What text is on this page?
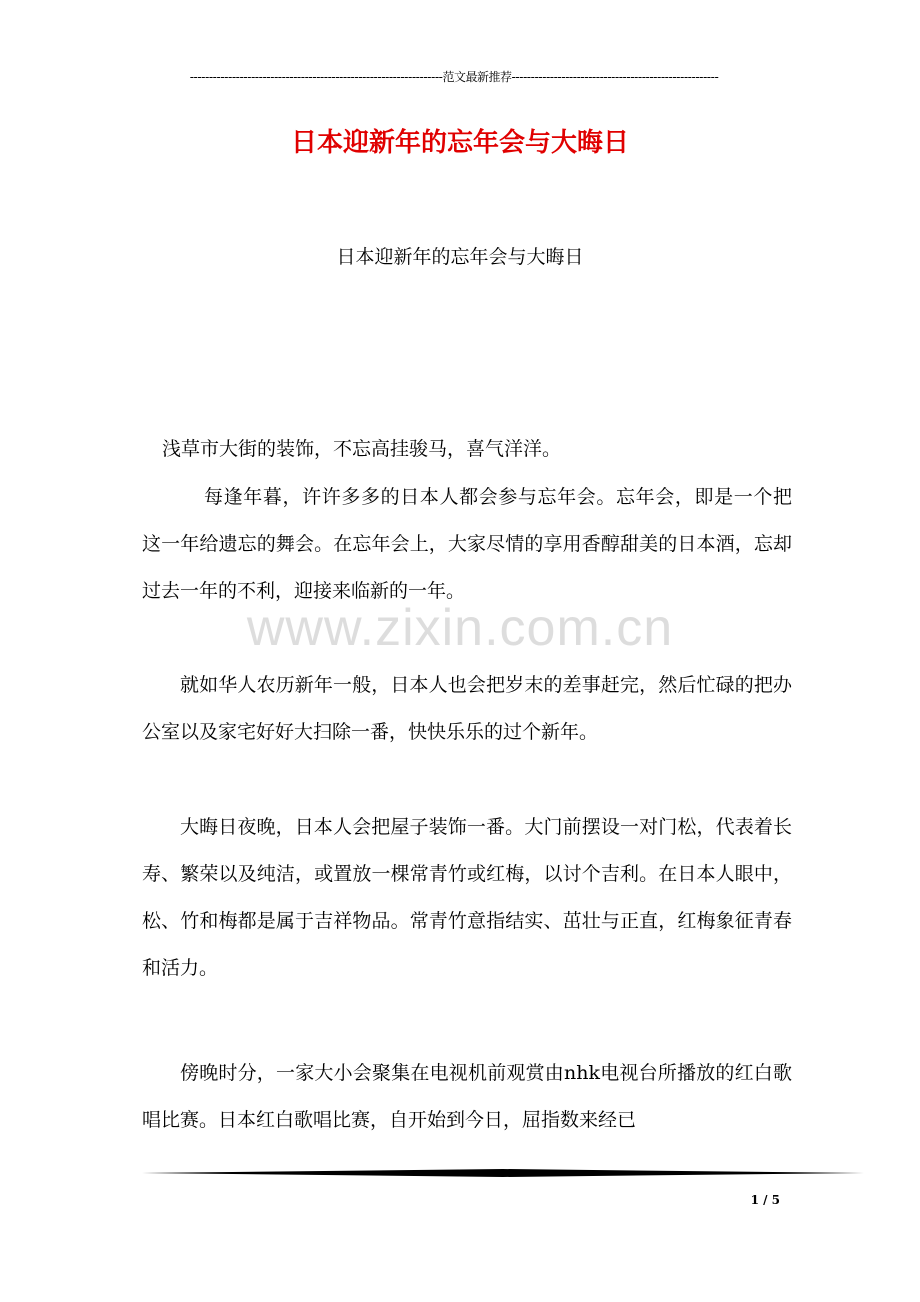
------------------------------------------------------------------范文最新推荐------------------------------------------------------
日本迎新年的忘年会与大晦日
日本迎新年的忘年会与大晦日

浅草市大街的装饰，不忘高挂骏马，喜气洋洋。

每逢年暮，许许多多的日本人都会参与忘年会。忘年会，即是一个把这一年给遗忘的舞会。在忘年会上，大家尽情的享用香醇甜美的日本酒，忘却过去一年的不利，迎接来临新的一年。

www.zixin.com.cn

就如华人农历新年一般，日本人也会把岁末的差事赶完，然后忙碌的把办公室以及家宅好好大扫除一番，快快乐乐的过个新年。

大晦日夜晚，日本人会把屋子装饰一番。大门前摆设一对门松，代表着长寿、繁荣以及纯洁，或置放一棵常青竹或红梅，以讨个吉利。在日本人眼中，松、竹和梅都是属于吉祥物品。常青竹意指结实、茁壮与正直，红梅象征青春和活力。

傍晚时分，一家大小会聚集在电视机前观赏由nhk电视台所播放的红白歌唱比赛。日本红白歌唱比赛，自开始到今日，屈指数来经已

1 / 5
